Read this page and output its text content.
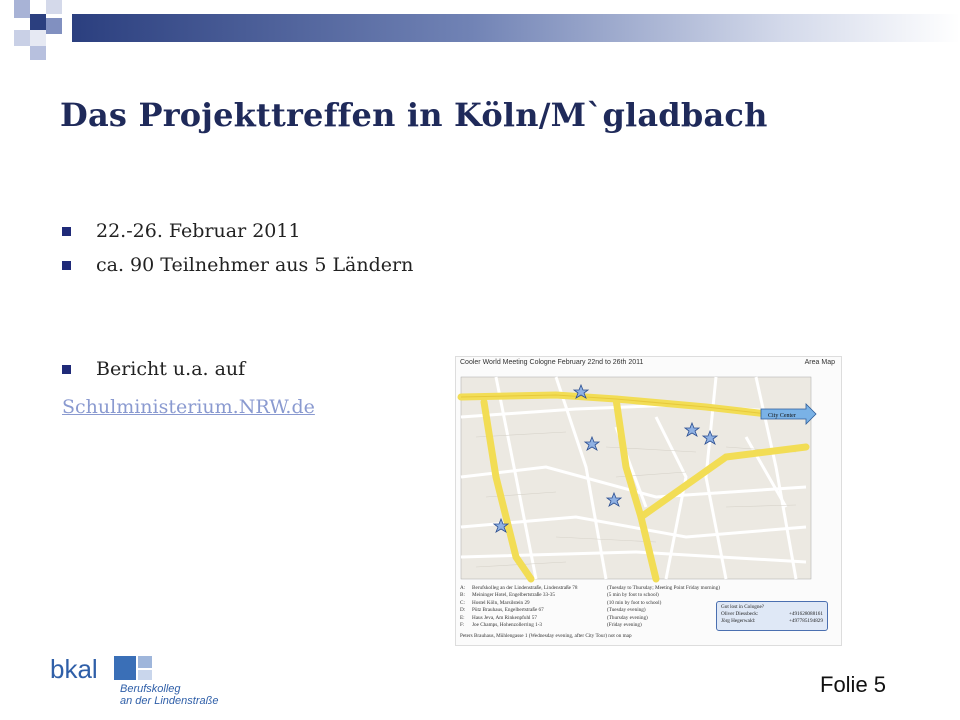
Das Projekttreffen in Köln/M`gladbach
22.-26. Februar 2011
ca. 90 Teilnehmer aus 5 Ländern
Bericht u.a. auf
Schulministerium.NRW.de
Cooler World Meeting Cologne February 22nd to 26th 2011	Area Map
City Center
A:	Berufskolleg an der Lindenstraße, Lindenstraße 78	(Tuesday to Thursday; Meeting Point Friday morning)
B:	Meininger Hotel, Engelbertstraße 33-35	(5 min by foot to school)
C:	Hostel Köln, Marsilstein 29	(10 min by foot to school)
D:	Pütz Brauhaus, Engelbertstraße 67	(Tuesday evening)
E:	Haus Jeva, Am Rinkenpfuhl 57	(Thursday evening)
F:	Joe Champs, Hohenzollerring 1-3	(Friday evening)
Got lost in Cologne?
Oliver Diessbeck:	+491628088161
Jörg Hegerwald:	+497785194829
Peters Brauhaus, Mühlengasse 1 (Wednesday evening, after City Tour) not on map
bkal
Berufskolleg
an der Lindenstraße
Folie 5
